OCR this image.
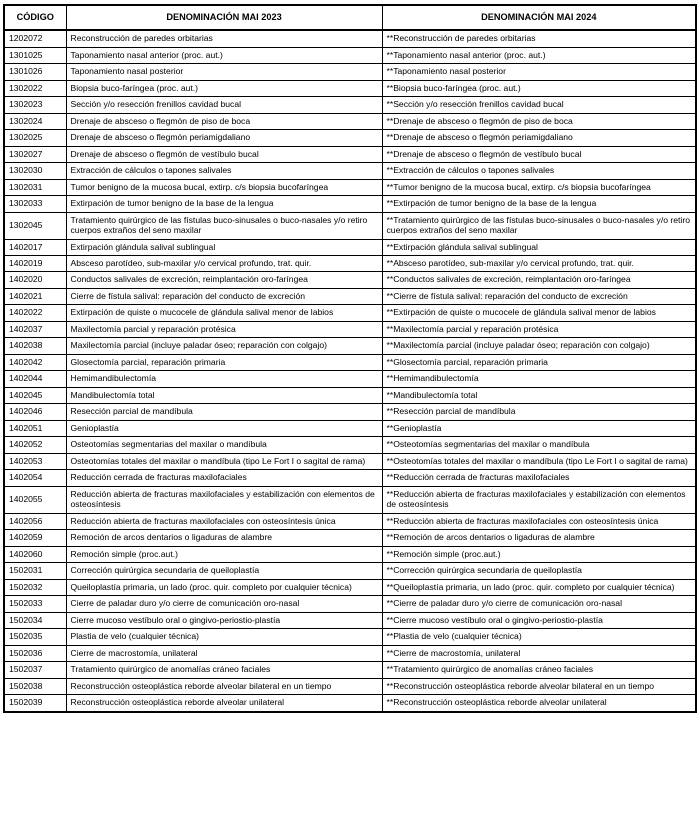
CÓDIGO	DENOMINACIÓN MAI 2023	DENOMINACIÓN MAI 2024
1202072	Reconstrucción de paredes orbitarias	**Reconstrucción de paredes orbitarias
1301025	Taponamiento nasal anterior (proc. aut.)	**Taponamiento nasal anterior (proc. aut.)
1301026	Taponamiento nasal posterior	**Taponamiento nasal posterior
1302022	Biopsia buco-faríngea (proc. aut.)	**Biopsia buco-faríngea (proc. aut.)
1302023	Sección y/o resección frenillos cavidad bucal	**Sección y/o resección frenillos cavidad bucal
1302024	Drenaje de absceso o flegmón de piso de boca	**Drenaje de absceso o flegmón de piso de boca
1302025	Drenaje de absceso o flegmón periamigdaliano	**Drenaje de absceso o flegmón periamigdaliano
1302027	Drenaje de absceso o flegmón de vestíbulo bucal	**Drenaje de absceso o flegmón de vestíbulo bucal
1302030	Extracción de cálculos o tapones salivales	**Extracción de cálculos o tapones salivales
1302031	Tumor benigno de la mucosa bucal, extirp. c/s biopsia bucofaríngea	**Tumor benigno de la mucosa bucal, extirp. c/s biopsia bucofaríngea
1302033	Extirpación de tumor benigno de la base de la lengua	**Extirpación de tumor benigno de la base de la lengua
1302045	Tratamiento quirúrgico de las fístulas buco-sinusales o buco-nasales y/o retiro cuerpos extraños del seno maxilar	**Tratamiento quirúrgico de las fístulas buco-sinusales o buco-nasales y/o retiro cuerpos extraños del seno maxilar
1402017	Extirpación glándula salival sublingual	**Extirpación glándula salival sublingual
1402019	Absceso parotídeo, sub-maxilar y/o cervical profundo, trat. quir.	**Absceso parotídeo, sub-maxilar y/o cervical profundo, trat. quir.
1402020	Conductos salivales de excreción, reimplantación oro-faríngea	**Conductos salivales de excreción, reimplantación oro-faríngea
1402021	Cierre de fístula salival: reparación del conducto de excreción	**Cierre de fístula salival: reparación del conducto de excreción
1402022	Extirpación de quiste o mucocele de glándula salival menor de labios	**Extirpación de quiste o mucocele de glándula salival menor de labios
1402037	Maxilectomía parcial y reparación protésica	**Maxilectomía parcial y reparación protésica
1402038	Maxilectomía parcial (incluye paladar óseo; reparación con colgajo)	**Maxilectomía parcial (incluye paladar óseo; reparación con colgajo)
1402042	Glosectomía parcial, reparación primaria	**Glosectomía parcial, reparación primaria
1402044	Hemimandibulectomía	**Hemimandibulectomía
1402045	Mandibulectomía total	**Mandibulectomía total
1402046	Resección parcial de mandíbula	**Resección parcial de mandíbula
1402051	Genioplastía	**Genioplastía
1402052	Osteotomías segmentarias del maxilar o mandíbula	**Osteotomías segmentarias del maxilar o mandíbula
1402053	Osteotomías totales del maxilar o mandíbula (tipo Le Fort I o sagital de rama)	**Osteotomías totales del maxilar o mandíbula (tipo Le Fort I o sagital de rama)
1402054	Reducción cerrada de fracturas maxilofaciales	**Reducción cerrada de fracturas maxilofaciales
1402055	Reducción abierta de fracturas maxilofaciales y estabilización con elementos de osteosíntesis	**Reducción abierta de fracturas maxilofaciales y estabilización con elementos de osteosíntesis
1402056	Reducción abierta de fracturas maxilofaciales con osteosíntesis única	**Reducción abierta de fracturas maxilofaciales con osteosíntesis única
1402059	Remoción de arcos dentarios o ligaduras de alambre	**Remoción de arcos dentarios o ligaduras de alambre
1402060	Remoción simple (proc.aut.)	**Remoción simple (proc.aut.)
1502031	Corrección quirúrgica secundaria de queiloplastía	**Corrección quirúrgica secundaria de queiloplastía
1502032	Queiloplastía primaria, un lado (proc. quir. completo por cualquier técnica)	**Queiloplastía primaria, un lado (proc. quir. completo por cualquier técnica)
1502033	Cierre de paladar duro y/o cierre de comunicación oro-nasal	**Cierre de paladar duro y/o cierre de comunicación oro-nasal
1502034	Cierre mucoso vestíbulo oral o gingivo-periostio-plastía	**Cierre mucoso vestíbulo oral o gingivo-periostio-plastía
1502035	Plastia de velo (cualquier técnica)	**Plastia de velo (cualquier técnica)
1502036	Cierre de macrostomía, unilateral	**Cierre de macrostomía, unilateral
1502037	Tratamiento quirúrgico de anomalías cráneo faciales	**Tratamiento quirúrgico de anomalías cráneo faciales
1502038	Reconstrucción osteoplástica reborde alveolar bilateral en un tiempo	**Reconstrucción osteoplástica reborde alveolar bilateral en un tiempo
1502039	Reconstrucción osteoplástica reborde alveolar unilateral	**Reconstrucción osteoplástica reborde alveolar unilateral
